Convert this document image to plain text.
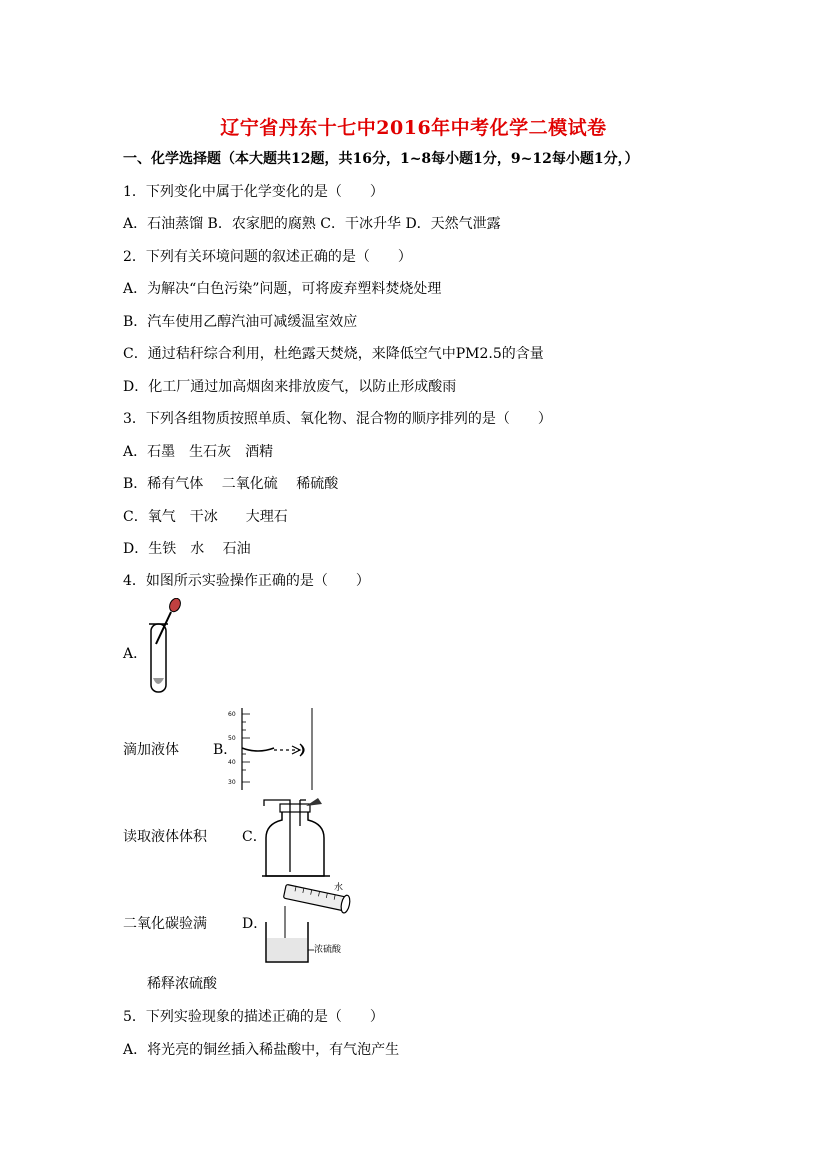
辽宁省丹东十七中2016年中考化学二模试卷
一、化学选择题（本大题共12题，共16分，1~8每小题1分，9~12每小题1分，）
1．下列变化中属于化学变化的是（　　）
A．石油蒸馏 B．农家肥的腐熟 C．干冰升华 D．天然气泄露
2．下列有关环境问题的叙述正确的是（　　）
A．为解决“白色污染”问题，可将废弃塑料焚烧处理
B．汽车使用乙醇汽油可减缓温室效应
C．通过秸秆综合利用，杜绝露天焚烧，来降低空气中PM2.5的含量
D．化工厂通过加高烟囱来排放废气，以防止形成酸雨
3．下列各组物质按照单质、氧化物、混合物的顺序排列的是（　　）
A．石墨　生石灰　酒精
B．稀有气体　 二氧化硫　 稀硫酸
C．氧气　干冰　　大理石
D．生铁　水　 石油
4．如图所示实验操作正确的是（　　）
A．
滴加液体 B．
60
50
40
30
读取液体体积	C．
二氧化碳验满	D．
水
浓硫酸
稀释浓硫酸
5．下列实验现象的描述正确的是（　　）
A．将光亮的铜丝插入稀盐酸中，有气泡产生
